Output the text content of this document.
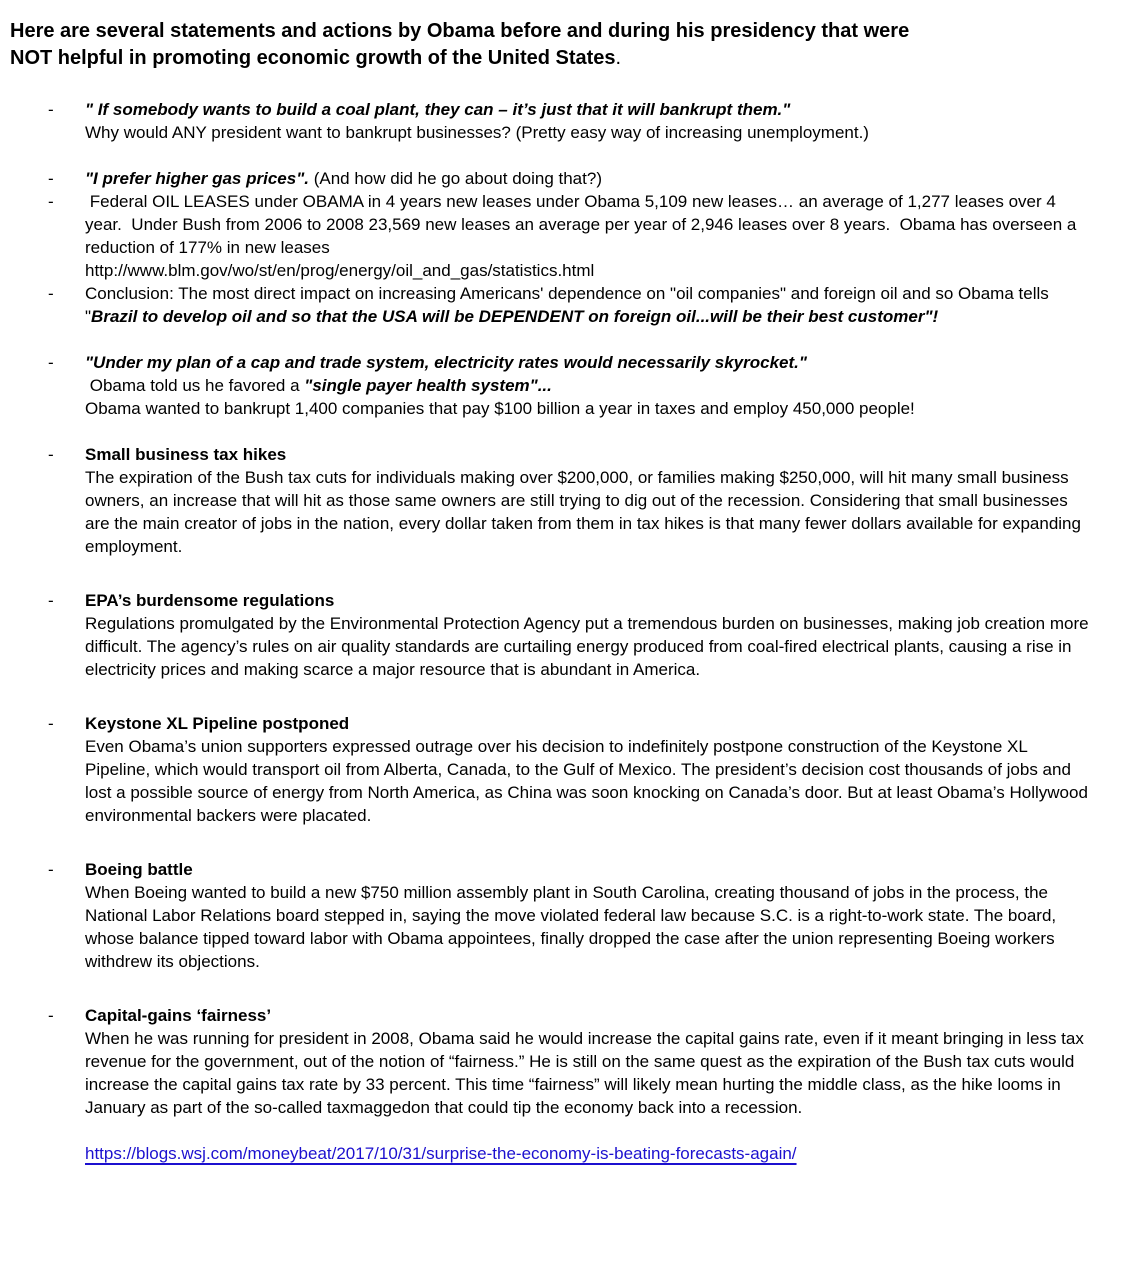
Here are several statements and actions by Obama before and during his presidency that were
NOT helpful in promoting economic growth of the United States.
- " If somebody wants to build a coal plant, they can – it’s just that it will bankrupt them."
Why would ANY president want to bankrupt businesses? (Pretty easy way of increasing unemployment.)
- "I prefer higher gas prices". (And how did he go about doing that?)
- Federal OIL LEASES under OBAMA in 4 years new leases under Obama 5,109 new leases… an average of 1,277 leases over 4 year.  Under Bush from 2006 to 2008 23,569 new leases an average per year of 2,946 leases over 8 years.  Obama has overseen a reduction of 177% in new leases
http://www.blm.gov/wo/st/en/prog/energy/oil_and_gas/statistics.html
- Conclusion: The most direct impact on increasing Americans' dependence on "oil companies" and foreign oil and so Obama tells "Brazil to develop oil and so that the USA will be DEPENDENT on foreign oil...will be their best customer"!
- "Under my plan of a cap and trade system, electricity rates would necessarily skyrocket."
Obama told us he favored a "single payer health system"...
Obama wanted to bankrupt 1,400 companies that pay $100 billion a year in taxes and employ 450,000 people!
- Small business tax hikes
The expiration of the Bush tax cuts for individuals making over $200,000, or families making $250,000, will hit many small business owners, an increase that will hit as those same owners are still trying to dig out of the recession. Considering that small businesses are the main creator of jobs in the nation, every dollar taken from them in tax hikes is that many fewer dollars available for expanding employment.
- EPA’s burdensome regulations
Regulations promulgated by the Environmental Protection Agency put a tremendous burden on businesses, making job creation more difficult. The agency’s rules on air quality standards are curtailing energy produced from coal-fired electrical plants, causing a rise in electricity prices and making scarce a major resource that is abundant in America.
- Keystone XL Pipeline postponed
Even Obama’s union supporters expressed outrage over his decision to indefinitely postpone construction of the Keystone XL Pipeline, which would transport oil from Alberta, Canada, to the Gulf of Mexico. The president’s decision cost thousands of jobs and lost a possible source of energy from North America, as China was soon knocking on Canada’s door. But at least Obama’s Hollywood environmental backers were placated.
- Boeing battle
When Boeing wanted to build a new $750 million assembly plant in South Carolina, creating thousand of jobs in the process, the National Labor Relations board stepped in, saying the move violated federal law because S.C. is a right-to-work state. The board, whose balance tipped toward labor with Obama appointees, finally dropped the case after the union representing Boeing workers withdrew its objections.
- Capital-gains ‘fairness’
When he was running for president in 2008, Obama said he would increase the capital gains rate, even if it meant bringing in less tax revenue for the government, out of the notion of “fairness.” He is still on the same quest as the expiration of the Bush tax cuts would increase the capital gains tax rate by 33 percent. This time “fairness” will likely mean hurting the middle class, as the hike looms in January as part of the so-called taxmaggedon that could tip the economy back into a recession.
https://blogs.wsj.com/moneybeat/2017/10/31/surprise-the-economy-is-beating-forecasts-again/
